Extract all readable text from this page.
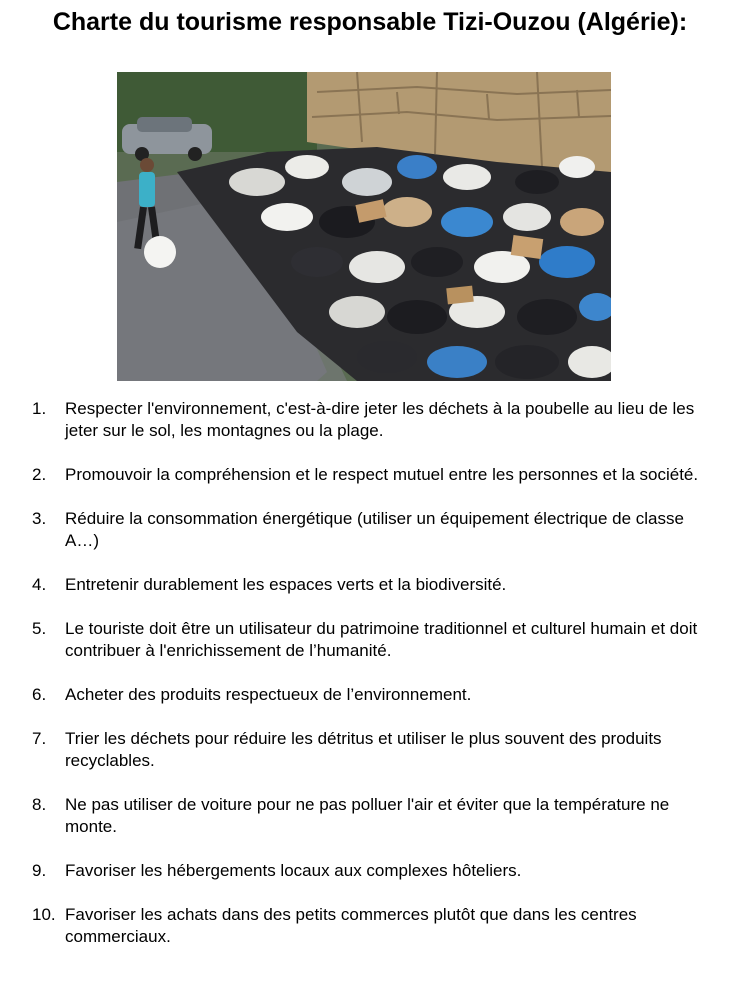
Charte du tourisme responsable Tizi-Ouzou (Algérie):
1.	Respecter l'environnement, c'est-à-dire jeter les déchets à la poubelle au lieu de les jeter sur le sol, les montagnes ou la plage.
2.	Promouvoir la compréhension et le respect mutuel entre les personnes et la société.
3.	Réduire la consommation énergétique (utiliser un équipement électrique de classe A…)
4.	Entretenir durablement les espaces verts et la biodiversité.
5.	Le touriste doit être un utilisateur du patrimoine traditionnel et culturel humain et doit contribuer à l'enrichissement de l’humanité.
6.	Acheter des produits respectueux de l’environnement.
7.	Trier les déchets pour réduire les détritus et utiliser le plus souvent des produits recyclables.
8.	Ne pas utiliser de voiture pour ne pas polluer l'air et éviter que la température ne monte.
9.	Favoriser les hébergements locaux aux complexes hôteliers.
10. Favoriser les achats dans des petits commerces plutôt que dans les centres commerciaux.
